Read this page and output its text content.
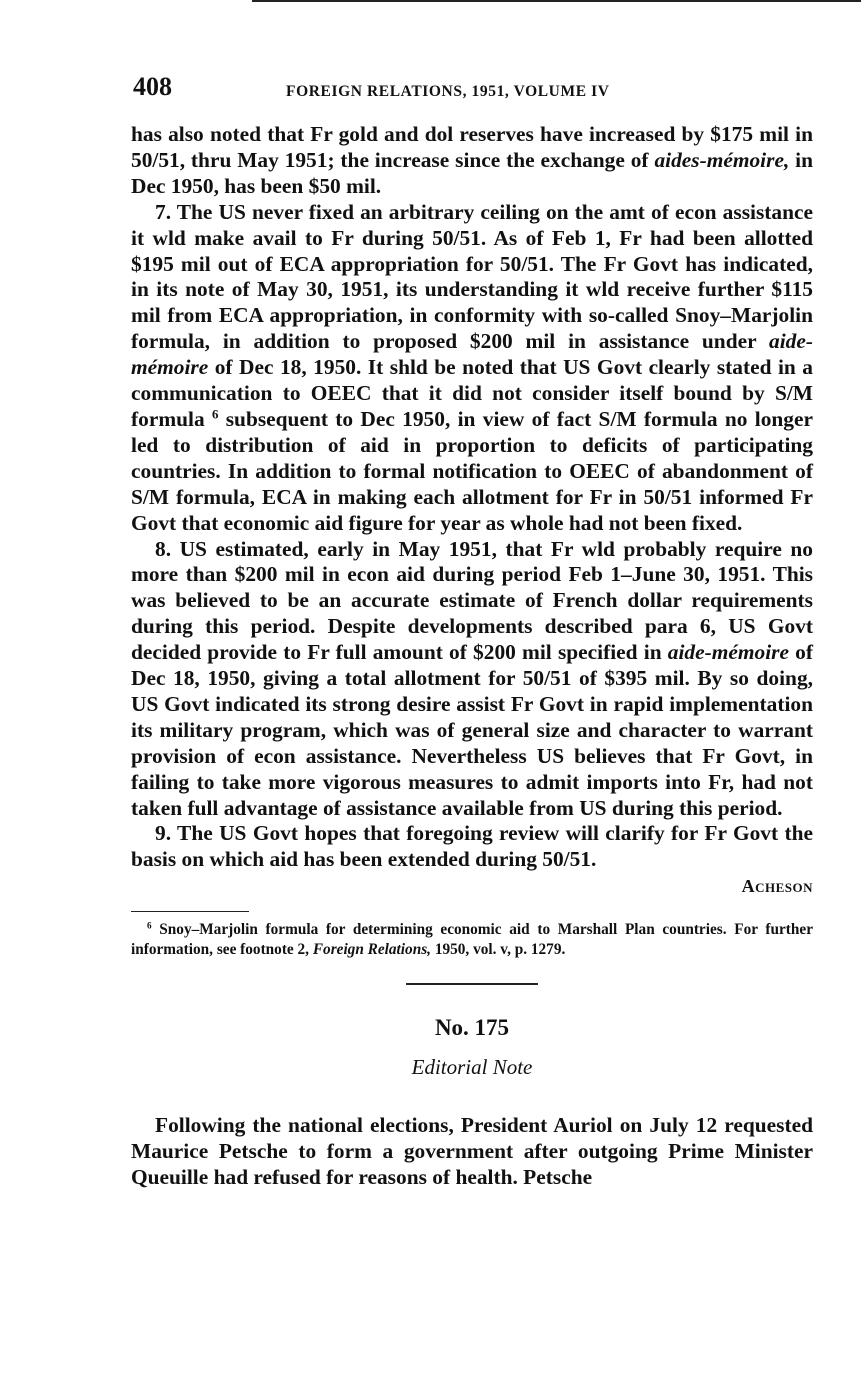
408	FOREIGN RELATIONS, 1951, VOLUME IV

has also noted that Fr gold and dol reserves have increased by $175 mil in 50/51, thru May 1951; the increase since the exchange of aides-mémoire, in Dec 1950, has been $50 mil.

7. The US never fixed an arbitrary ceiling on the amt of econ assistance it wld make avail to Fr during 50/51. As of Feb 1, Fr had been allotted $195 mil out of ECA appropriation for 50/51. The Fr Govt has indicated, in its note of May 30, 1951, its understanding it wld receive further $115 mil from ECA appropriation, in conformity with so-called Snoy–Marjolin formula, in addition to proposed $200 mil in assistance under aide-mémoire of Dec 18, 1950. It shld be noted that US Govt clearly stated in a communication to OEEC that it did not consider itself bound by S/M formula $^6$ subsequent to Dec 1950, in view of fact S/M formula no longer led to distribution of aid in proportion to deficits of participating countries. In addition to formal notification to OEEC of abandonment of S/M formula, ECA in making each allotment for Fr in 50/51 informed Fr Govt that economic aid figure for year as whole had not been fixed.

8. US estimated, early in May 1951, that Fr wld probably require no more than $200 mil in econ aid during period Feb 1–June 30, 1951. This was believed to be an accurate estimate of French dollar requirements during this period. Despite developments described para 6, US Govt decided provide to Fr full amount of $200 mil specified in aide-mémoire of Dec 18, 1950, giving a total allotment for 50/51 of $395 mil. By so doing, US Govt indicated its strong desire assist Fr Govt in rapid implementation its military program, which was of general size and character to warrant provision of econ assistance. Nevertheless US believes that Fr Govt, in failing to take more vigorous measures to admit imports into Fr, had not taken full advantage of assistance available from US during this period.

9. The US Govt hopes that foregoing review will clarify for Fr Govt the basis on which aid has been extended during 50/51.

Acheson
$^6$ Snoy–Marjolin formula for determining economic aid to Marshall Plan countries. For further information, see footnote 2, Foreign Relations, 1950, vol. v, p. 1279.
No. 175
Editorial Note

Following the national elections, President Auriol on July 12 requested Maurice Petsche to form a government after outgoing Prime Minister Queuille had refused for reasons of health. Petsche
